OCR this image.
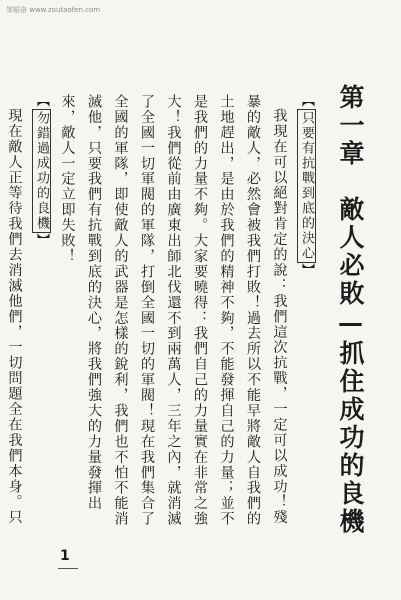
邹韬奋 www.zoutaofen.com
第一章　敵人必敗—抓住成功的良機
【只要有抗戰到底的決心】

我現在可以絕對肯定的說：我們這次抗戰，一定可以成功！殘暴的敵人，必然會被我們打敗！過去所以不能早將敵人自我們的土地趕出，是由於我們的精神不夠，不能發揮自己的力量；並不是我們的力量不夠。大家要曉得：我們自己的力量實在非常之強大！我們從前由廣東出師北伐還不到兩萬人，三年之內，就消滅了全國一切軍閥的軍隊，打倒全國一切的軍閥！現在我們集合了全國的軍隊，即使敵人的武器是怎樣的銳利，我們也不怕不能消滅他，只要我們有抗戰到底的決心，將我們強大的力量發揮出來，敵人一定立即失敗！

【勿錯過成功的良機】

現在敵人正等待我們去消滅他們，一切問題全在我們本身。只

1
